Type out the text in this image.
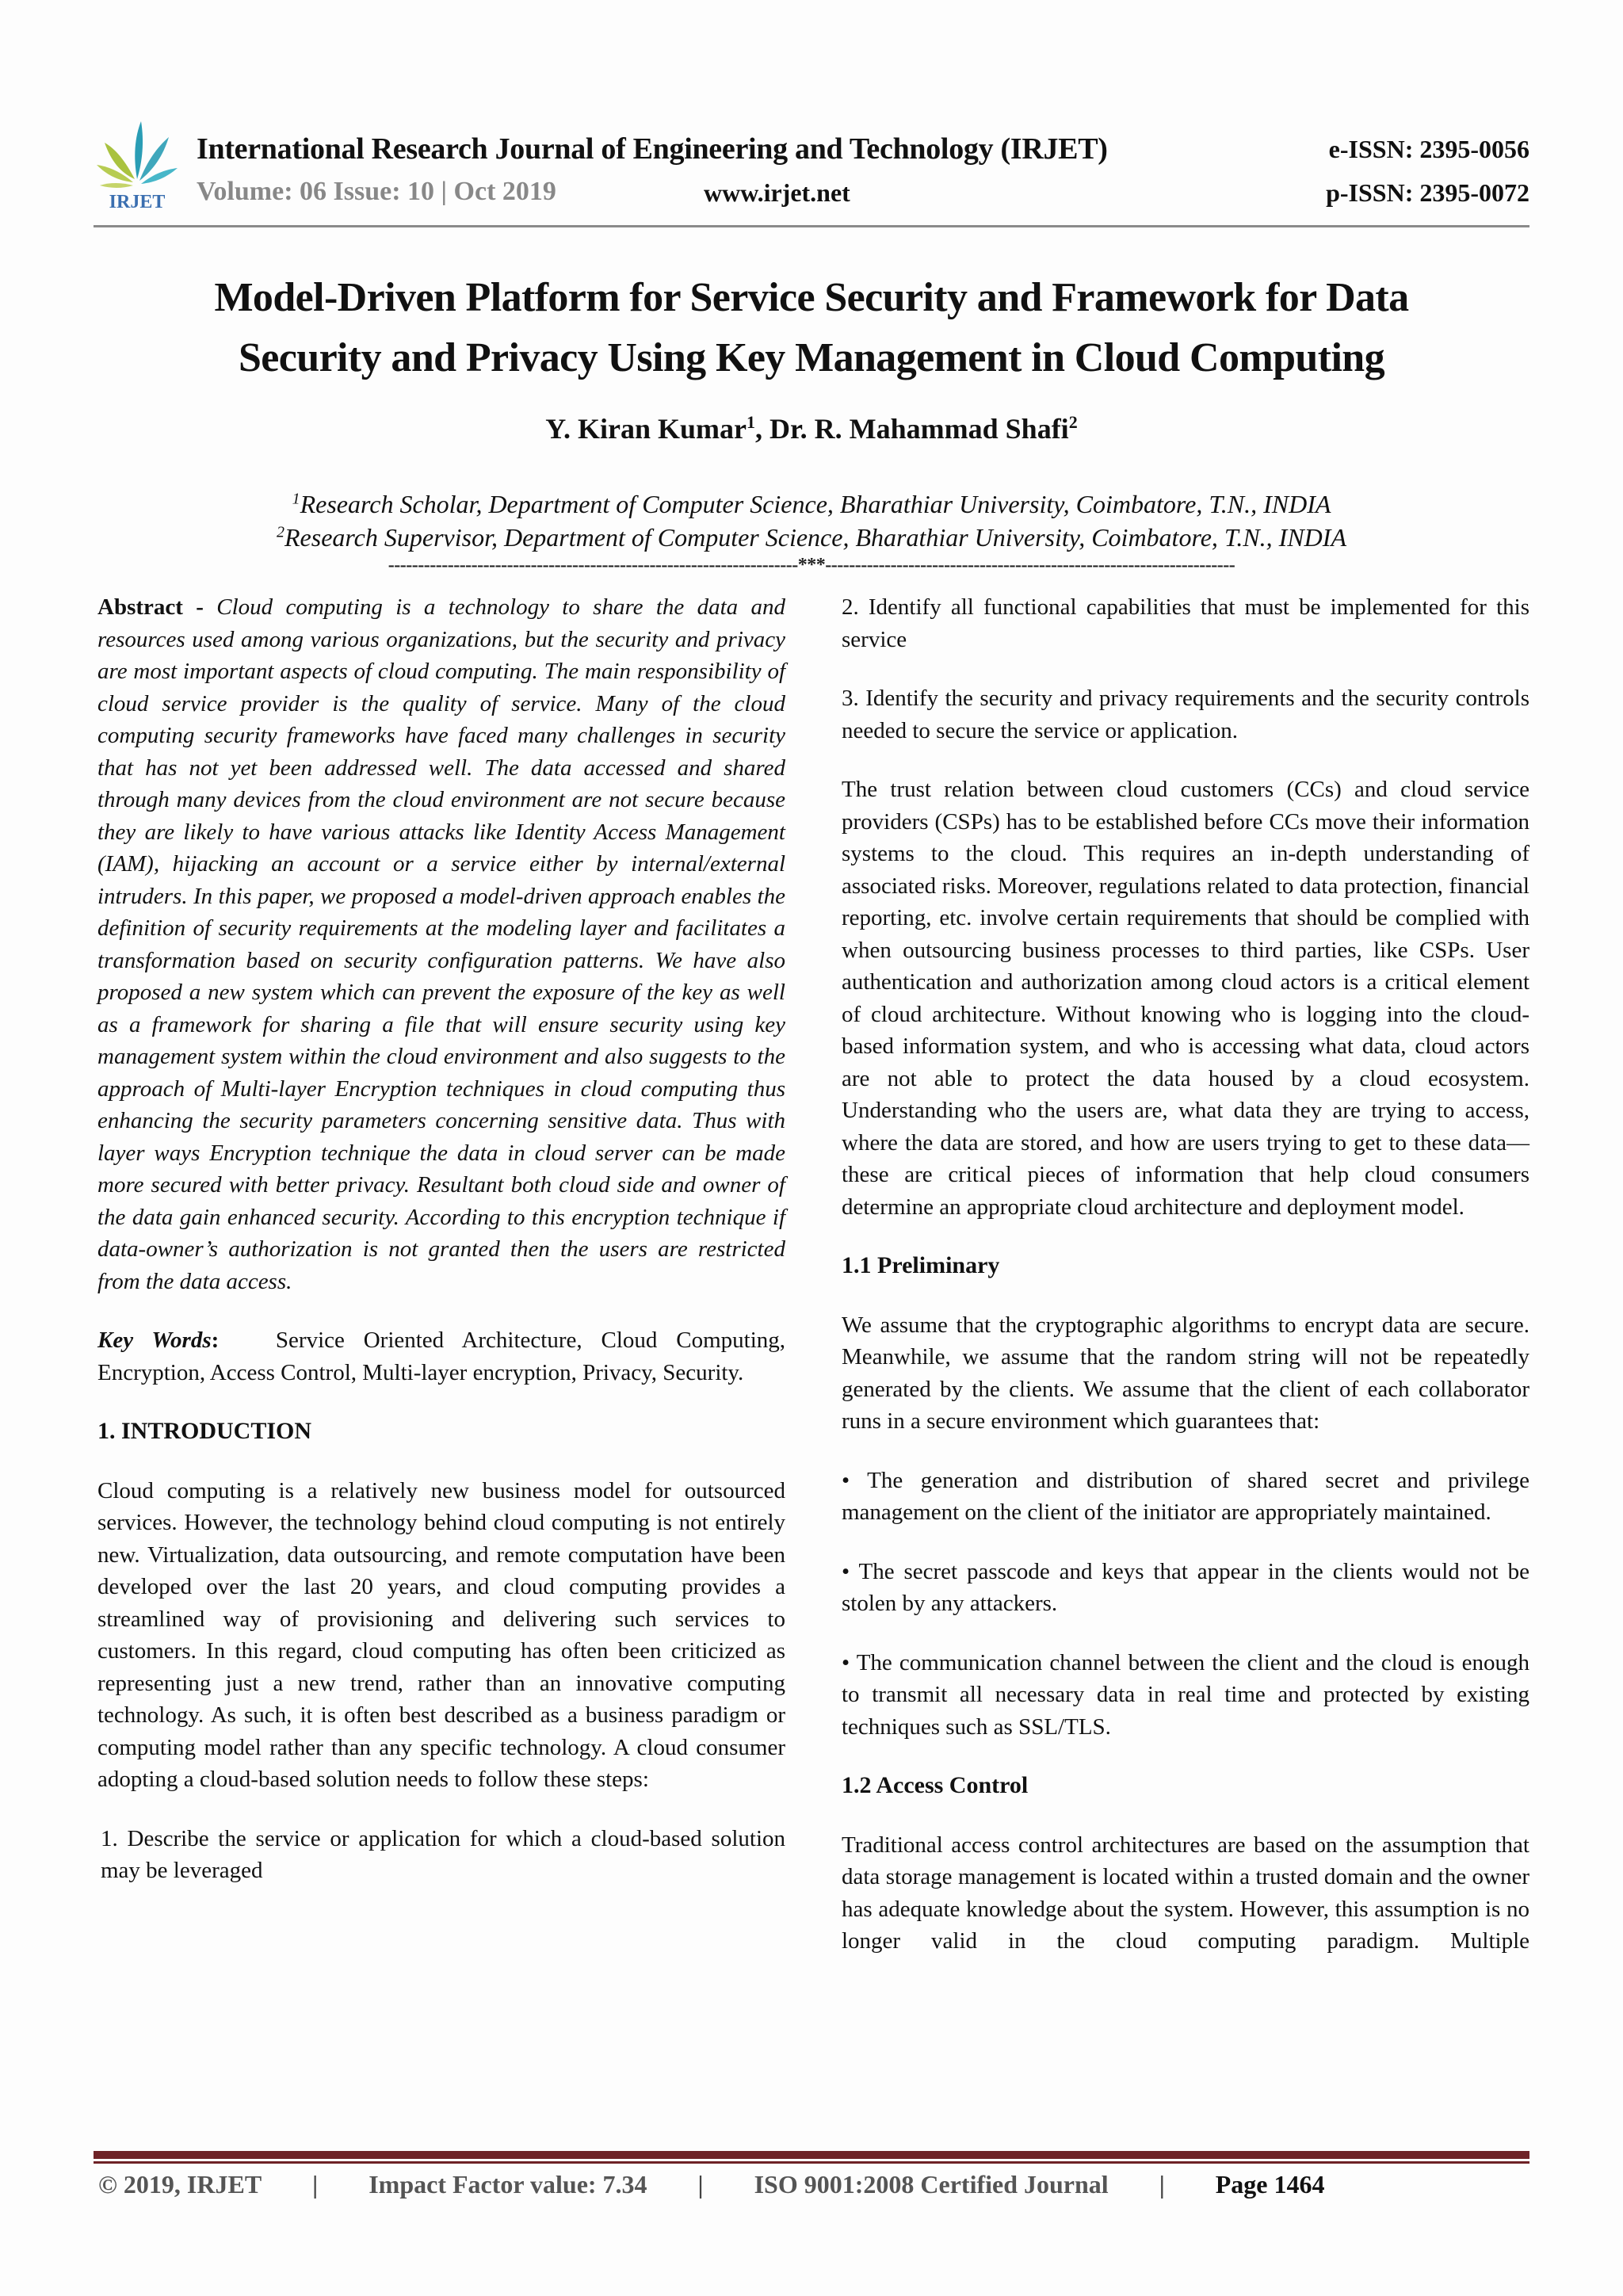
IRJET
International Research Journal of Engineering and Technology (IRJET)
Volume: 06 Issue: 10 | Oct 2019	www.irjet.net
e-ISSN: 2395-0056
p-ISSN: 2395-0072
Model-Driven Platform for Service Security and Framework for Data
Security and Privacy Using Key Management in Cloud Computing
Y. Kiran Kumar$^1$, Dr. R. Mahammad Shafi$^2$
$^1$Research Scholar, Department of Computer Science, Bharathiar University, Coimbatore, T.N., INDIA
$^2$Research Supervisor, Department of Computer Science, Bharathiar University, Coimbatore, T.N., INDIA
---------------------------------------------------------------------***---------------------------------------------------------------------

Abstract - Cloud computing is a technology to share the data and resources used among various organizations, but the security and privacy are most important aspects of cloud computing. The main responsibility of cloud service provider is the quality of service. Many of the cloud computing security frameworks have faced many challenges in security that has not yet been addressed well. The data accessed and shared through many devices from the cloud environment are not secure because they are likely to have various attacks like Identity Access Management (IAM), hijacking an account or a service either by internal/external intruders. In this paper, we proposed a model-driven approach enables the definition of security requirements at the modeling layer and facilitates a transformation based on security configuration patterns. We have also proposed a new system which can prevent the exposure of the key as well as a framework for sharing a file that will ensure security using key management system within the cloud environment and also suggests to the approach of Multi-layer Encryption techniques in cloud computing thus enhancing the security parameters concerning sensitive data. Thus with layer ways Encryption technique the data in cloud server can be made more secured with better privacy. Resultant both cloud side and owner of the data gain enhanced security. According to this encryption technique if data-owner’s authorization is not granted then the users are restricted from the data access.

Key Words: Service Oriented Architecture, Cloud Computing, Encryption, Access Control, Multi-layer encryption, Privacy, Security.

1. INTRODUCTION

Cloud computing is a relatively new business model for outsourced services. However, the technology behind cloud computing is not entirely new. Virtualization, data outsourcing, and remote computation have been developed over the last 20 years, and cloud computing provides a streamlined way of provisioning and delivering such services to customers. In this regard, cloud computing has often been criticized as representing just a new trend, rather than an innovative computing technology. As such, it is often best described as a business paradigm or computing model rather than any specific technology. A cloud consumer adopting a cloud-based solution needs to follow these steps:

1. Describe the service or application for which a cloud-based solution may be leveraged

2. Identify all functional capabilities that must be implemented for this service

3. Identify the security and privacy requirements and the security controls needed to secure the service or application.

The trust relation between cloud customers (CCs) and cloud service providers (CSPs) has to be established before CCs move their information systems to the cloud. This requires an in-depth understanding of associated risks. Moreover, regulations related to data protection, financial reporting, etc. involve certain requirements that should be complied with when outsourcing business processes to third parties, like CSPs. User authentication and authorization among cloud actors is a critical element of cloud architecture. Without knowing who is logging into the cloud-based information system, and who is accessing what data, cloud actors are not able to protect the data housed by a cloud ecosystem. Understanding who the users are, what data they are trying to access, where the data are stored, and how are users trying to get to these data—these are critical pieces of information that help cloud consumers determine an appropriate cloud architecture and deployment model.

1.1 Preliminary

We assume that the cryptographic algorithms to encrypt data are secure. Meanwhile, we assume that the random string will not be repeatedly generated by the clients. We assume that the client of each collaborator runs in a secure environment which guarantees that:

• The generation and distribution of shared secret and privilege management on the client of the initiator are appropriately maintained.

• The secret passcode and keys that appear in the clients would not be stolen by any attackers.

• The communication channel between the client and the cloud is enough to transmit all necessary data in real time and protected by existing techniques such as SSL/TLS.

1.2 Access Control

Traditional access control architectures are based on the assumption that data storage management is located within a trusted domain and the owner has adequate knowledge about the system. However, this assumption is no longer valid in the cloud computing paradigm. Multiple

© 2019, IRJET | Impact Factor value: 7.34 | ISO 9001:2008 Certified Journal | Page 1464
